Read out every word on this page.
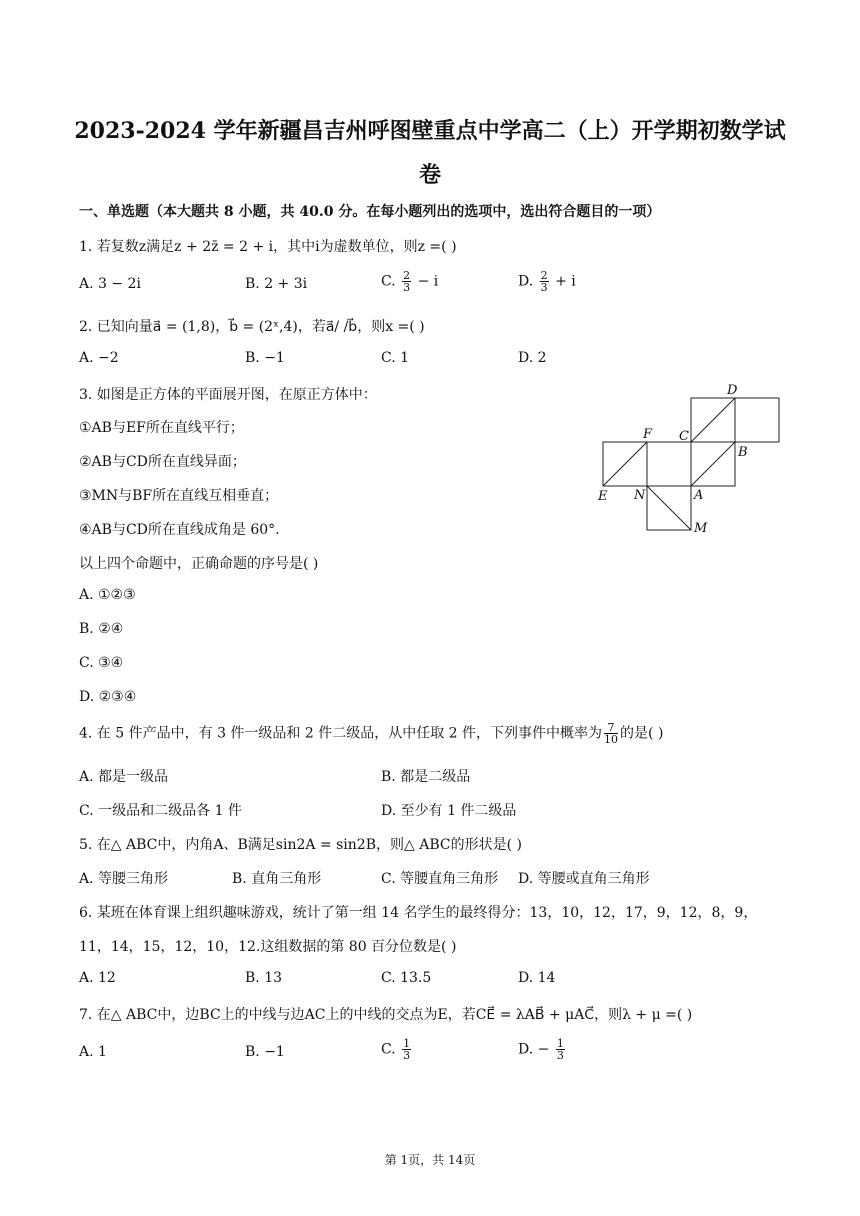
2023-2024 学年新疆昌吉州呼图壁重点中学高二（上）开学期初数学试
卷
一、单选题（本大题共 8 小题，共 40.0 分。在每小题列出的选项中，选出符合题目的一项）
1. 若复数z满足z + 2z̄ = 2 + i，其中i为虚数单位，则z =( )
A. 3 − 2i	B. 2 + 3i	C. $\frac{2}{3} - i$	D. $\frac{2}{3} + i$
2. 已知向量a⃗ = (1,8)，b⃗ = (2ˣ,4)，若a⃗/ /b⃗，则x =( )
A. −2	B. −1	C. 1	D. 2
3. 如图是正方体的平面展开图，在原正方体中：
①AB与EF所在直线平行；
②AB与CD所在直线异面；
③MN与BF所在直线互相垂直；
④AB与CD所在直线成角是 60°.
以上四个命题中，正确命题的序号是( )
A. ①②③
B. ②④
C. ③④
D. ②③④
D
F C
B
E N	A
M
4. 在 5 件产品中，有 3 件一级品和 2 件二级品，从中任取 2 件，下列事件中概率为 $\frac{7}{10}$ 的是( )
A. 都是一级品	B. 都是二级品
C. 一级品和二级品各 1 件	D. 至少有 1 件二级品
5. 在△ ABC中，内角A、B满足sin2A = sin2B，则△ ABC的形状是( )
A. 等腰三角形	B. 直角三角形	C. 等腰直角三角形 D. 等腰或直角三角形
6. 某班在体育课上组织趣味游戏，统计了第一组 14 名学生的最终得分：13，10，12，17，9，12，8，9，
11，14，15，12，10，12.这组数据的第 80 百分位数是( )
A. 12	B. 13	C. 13.5	D. 14
7. 在△ ABC中，边BC上的中线与边AC上的中线的交点为E，若CE⃗ = λAB⃗ + μAC⃗，则λ + μ =( )
A. 1	B. −1	C. $\frac{1}{3}$	D. − $\frac{1}{3}$
第 1页，共 14页
